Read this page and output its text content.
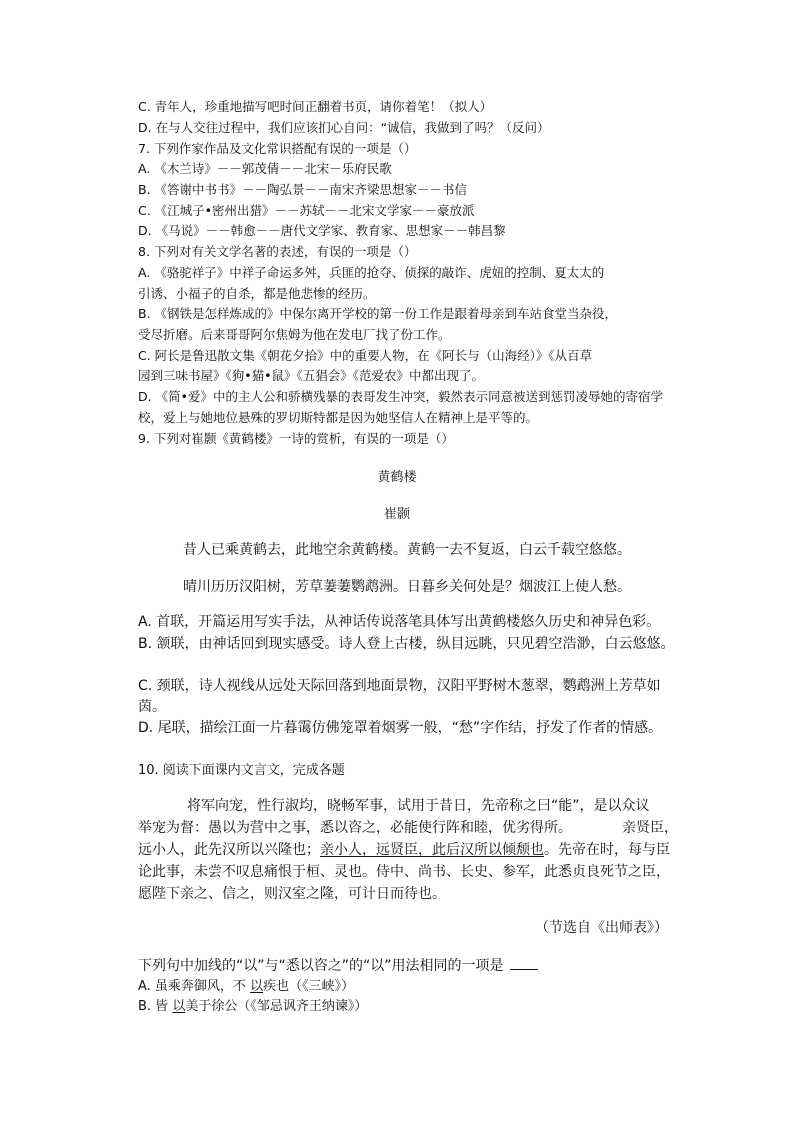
C. 青年人，珍重地描写吧时间正翻着书页，请你着笔！（拟人）
D. 在与人交往过程中，我们应该扪心自问：“诚信，我做到了吗？（反问）
7. 下列作家作品及文化常识搭配有误的一项是（）
A. 《木兰诗》－－郭茂倩－－北宋－乐府民歌
B. 《答谢中书书》－－陶弘景－－南宋齐梁思想家－－书信
C. 《江城子•密州出猎》－－苏轼－－北宋文学家－－豪放派
D. 《马说》－－韩愈－－唐代文学家、教育家、思想家－－韩昌黎
8. 下列对有关文学名著的表述，有误的一项是（）
A. 《骆驼祥子》中祥子命运多舛，兵匪的抢夺、侦探的敲诈、虎妞的控制、夏太太的
引诱、小福子的自杀，都是他悲惨的经历。
B. 《钢铁是怎样炼成的》中保尔离开学校的第一份工作是跟着母亲到车站食堂当杂役，
受尽折磨。后来哥哥阿尔焦姆为他在发电厂找了份工作。
C. 阿长是鲁迅散文集《朝花夕拾》中的重要人物，在《阿长与（山海经）》《从百草
园到三味书屋》《狗•猫•鼠》《五猖会》《范爱农》中都出现了。
D. 《简•爱》中的主人公和骄横残暴的表哥发生冲突，毅然表示同意被送到惩罚凌辱她的寄宿学
校，爱上与她地位悬殊的罗切斯特都是因为她坚信人在精神上是平等的。
9. 下列对崔颢《黄鹤楼》一诗的赏析，有误的一项是（）
黄鹤楼
崔颢
昔人已乘黄鹤去，此地空余黄鹤楼。黄鹤一去不复返，白云千载空悠悠。
晴川历历汉阳树，芳草萋萋鹦鹉洲。日暮乡关何处是？烟波江上使人愁。
A. 首联，开篇运用写实手法，从神话传说落笔具体写出黄鹤楼悠久历史和神异色彩。
B. 颔联，由神话回到现实感受。诗人登上古楼，纵目远眺，只见碧空浩渺，白云悠悠。
C. 颈联，诗人视线从远处天际回落到地面景物，汉阳平野树木葱翠，鹦鹉洲上芳草如
茵。
D. 尾联，描绘江面一片暮霭仿佛笼罩着烟雾一般，“愁”字作结，抒发了作者的情感。
10. 阅读下面课内文言文，完成各题
将军向宠，性行淑均，晓畅军事，试用于昔日，先帝称之曰“能”，是以众议
举宠为督：愚以为营中之事，悉以咨之，必能使行阵和睦，优劣得所。	亲贤臣，
远小人，此先汉所以兴隆也；亲小人，远贤臣，此后汉所以倾颓也。先帝在时，每与臣
论此事，未尝不叹息痛恨于桓、灵也。侍中、尚书、长史、参军，此悉贞良死节之臣，
愿陛下亲之、信之，则汉室之隆，可计日而待也。
（节选自《出师表》）
下列句中加线的“以”与“悉以咨之”的“以”用法相同的一项是
A. 虽乘奔御风，不 以疾也（《三峡》）
B. 皆 以美于徐公（《邹忌讽齐王纳谏》）
